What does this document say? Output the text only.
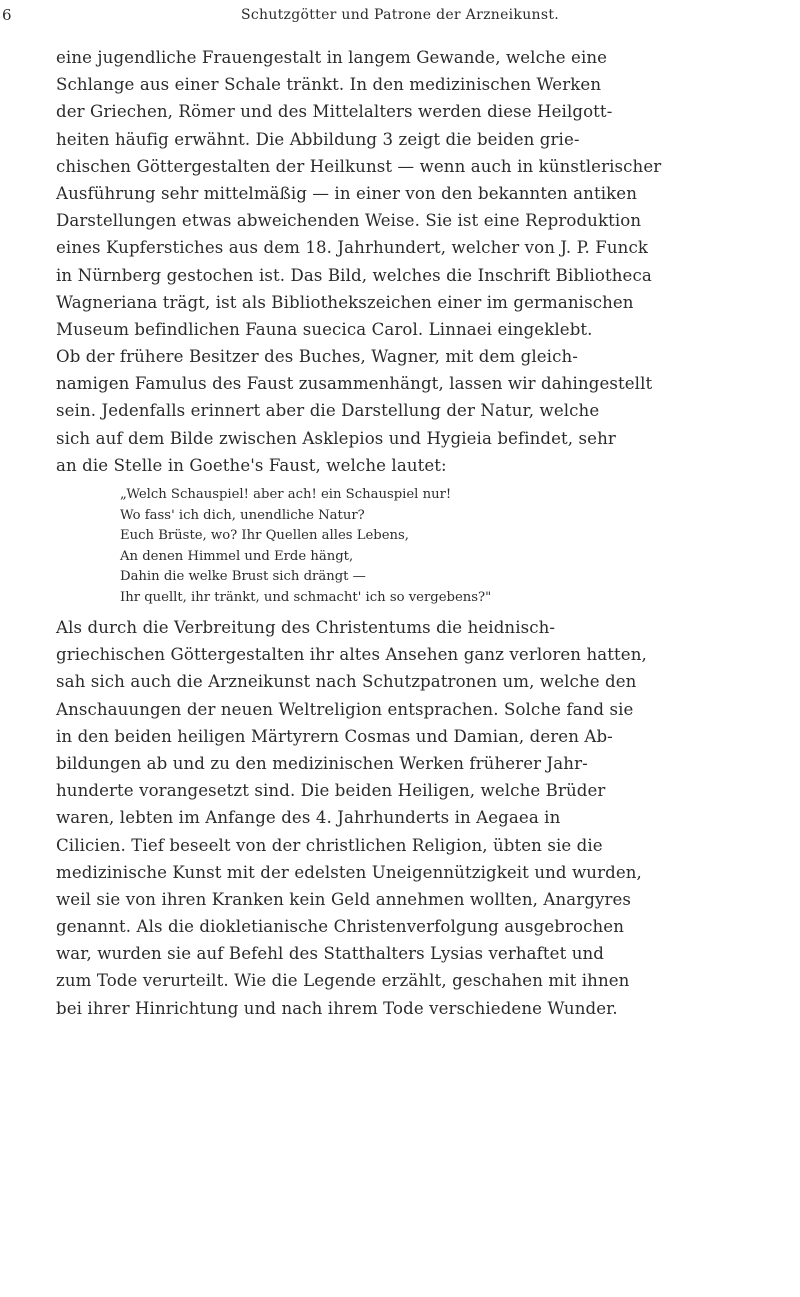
6	Schutzgötter und Patrone der Arzneikunst.
eine jugendliche Frauengestalt in langem Gewande, welche eine
Schlange aus einer Schale tränkt. In den medizinischen Werken
der Griechen, Römer und des Mittelalters werden diese Heilgott-
heiten häufig erwähnt. Die Abbildung 3 zeigt die beiden grie-
chischen Göttergestalten der Heilkunst — wenn auch in künstlerischer
Ausführung sehr mittelmäßig — in einer von den bekannten antiken
Darstellungen etwas abweichenden Weise. Sie ist eine Reproduktion
eines Kupferstiches aus dem 18. Jahrhundert, welcher von J. P. Funck
in Nürnberg gestochen ist. Das Bild, welches die Inschrift Bibliotheca
Wagneriana trägt, ist als Bibliothekszeichen einer im germanischen
Museum befindlichen Fauna suecica Carol. Linnaei eingeklebt.
Ob der frühere Besitzer des Buches, Wagner, mit dem gleich-
namigen Famulus des Faust zusammenhängt, lassen wir dahingestellt
sein. Jedenfalls erinnert aber die Darstellung der Natur, welche
sich auf dem Bilde zwischen Asklepios und Hygieia befindet, sehr
an die Stelle in Goethe's Faust, welche lautet:
„Welch Schauspiel! aber ach! ein Schauspiel nur!
Wo fass' ich dich, unendliche Natur?
Euch Brüste, wo? Ihr Quellen alles Lebens,
An denen Himmel und Erde hängt,
Dahin die welke Brust sich drängt —
Ihr quellt, ihr tränkt, und schmacht' ich so vergebens?"
Als durch die Verbreitung des Christentums die heidnisch-
griechischen Göttergestalten ihr altes Ansehen ganz verloren hatten,
sah sich auch die Arzneikunst nach Schutzpatronen um, welche den
Anschauungen der neuen Weltreligion entsprachen. Solche fand sie
in den beiden heiligen Märtyrern Cosmas und Damian, deren Ab-
bildungen ab und zu den medizinischen Werken früherer Jahr-
hunderte vorangesetzt sind. Die beiden Heiligen, welche Brüder
waren, lebten im Anfange des 4. Jahrhunderts in Aegaea in
Cilicien. Tief beseelt von der christlichen Religion, übten sie die
medizinische Kunst mit der edelsten Uneigennützigkeit und wurden,
weil sie von ihren Kranken kein Geld annehmen wollten, Anargyres
genannt. Als die diokletianische Christenverfolgung ausgebrochen
war, wurden sie auf Befehl des Statthalters Lysias verhaftet und
zum Tode verurteilt. Wie die Legende erzählt, geschahen mit ihnen
bei ihrer Hinrichtung und nach ihrem Tode verschiedene Wunder.
